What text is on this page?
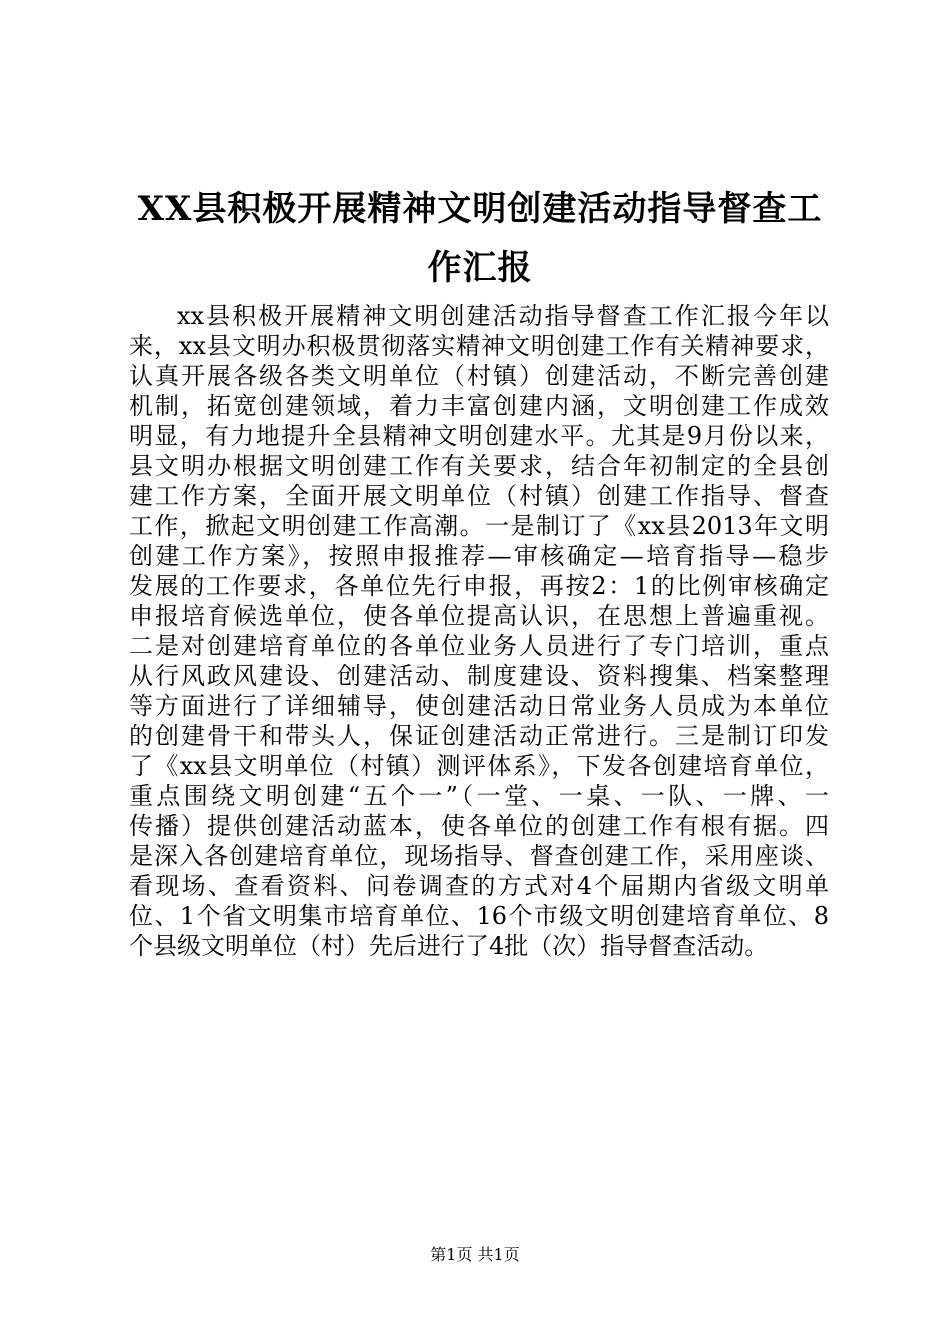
XX县积极开展精神文明创建活动指导督查工
作汇报
xx县积极开展精神文明创建活动指导督查工作汇报今年以
来，xx县文明办积极贯彻落实精神文明创建工作有关精神要求，
认真开展各级各类文明单位（村镇）创建活动，不断完善创建
机制，拓宽创建领域，着力丰富创建内涵，文明创建工作成效
明显，有力地提升全县精神文明创建水平。尤其是9月份以来，
县文明办根据文明创建工作有关要求，结合年初制定的全县创
建工作方案，全面开展文明单位（村镇）创建工作指导、督查
工作，掀起文明创建工作高潮。一是制订了《xx县2013年文明
创建工作方案》，按照申报推荐—审核确定—培育指导—稳步
发展的工作要求，各单位先行申报，再按2：1的比例审核确定
申报培育候选单位，使各单位提高认识，在思想上普遍重视。
二是对创建培育单位的各单位业务人员进行了专门培训，重点
从行风政风建设、创建活动、制度建设、资料搜集、档案整理
等方面进行了详细辅导，使创建活动日常业务人员成为本单位
的创建骨干和带头人，保证创建活动正常进行。三是制订印发
了《xx县文明单位（村镇）测评体系》，下发各创建培育单位，
重点围绕文明创建“五个一”（一堂、一桌、一队、一牌、一
传播）提供创建活动蓝本，使各单位的创建工作有根有据。四
是深入各创建培育单位，现场指导、督查创建工作，采用座谈、
看现场、查看资料、问卷调查的方式对4个届期内省级文明单
位、1个省文明集市培育单位、16个市级文明创建培育单位、8
个县级文明单位（村）先后进行了4批（次）指导督查活动。
第1页 共1页
